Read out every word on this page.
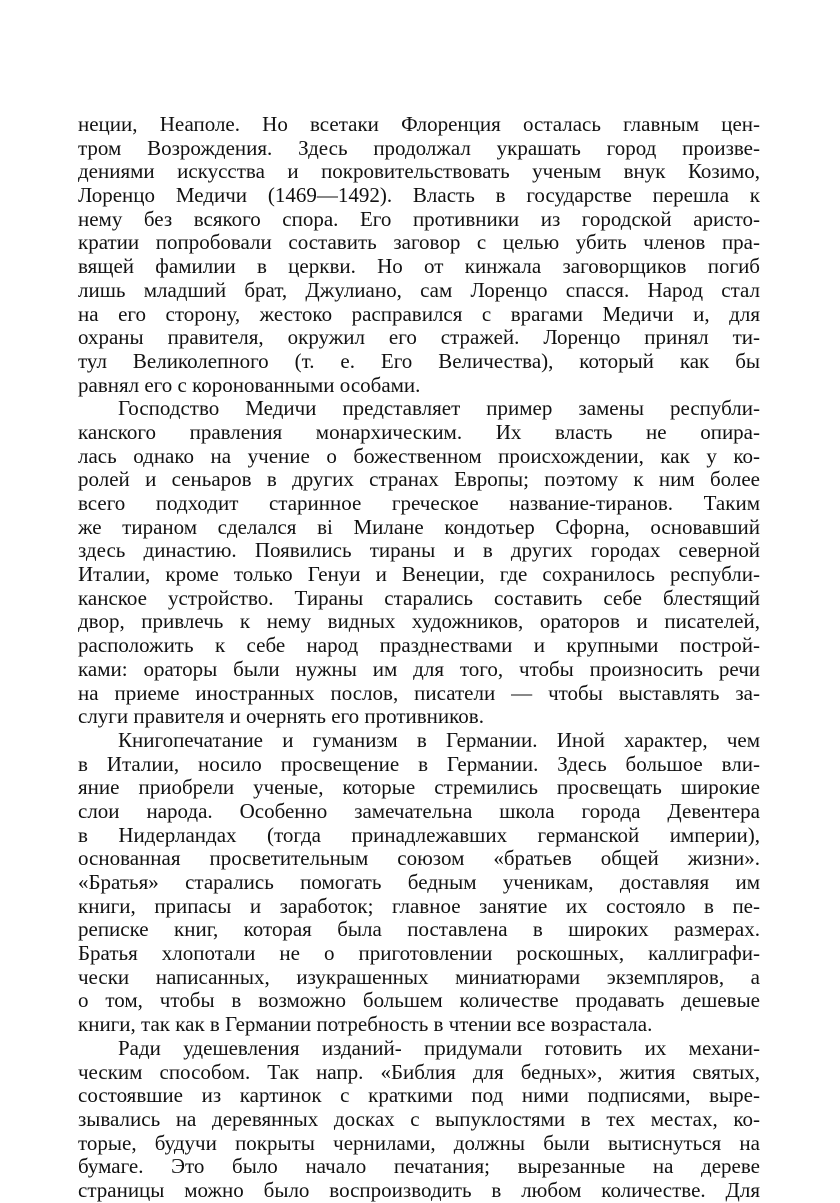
неции, Неаполе. Но всетаки Флоренция осталась главным цен-
тром Возрождения. Здесь продолжал украшать город произве-
дениями искусства и покровительствовать ученым внук Козимо,
Лоренцо Медичи (1469—1492). Власть в государстве перешла к
нему без всякого спора. Его противники из городской аристо-
кратии попробовали составить заговор с целью убить членов пра-
вящей фамилии в церкви. Но от кинжала заговорщиков погиб
лишь младший брат, Джулиано, сам Лоренцо спасся. Народ стал
на его сторону, жестоко расправился с врагами Медичи и, для
охраны правителя, окружил его стражей. Лоренцо принял ти-
тул Великолепного (т. е. Его Величества), который как бы
равнял его с коронованными особами.
Господство Медичи представляет пример замены республи-
канского правления монархическим. Их власть не опира-
лась однако на учение о божественном происхождении, как у ко-
ролей и сеньаров в других странах Европы; поэтому к ним более
всего подходит старинное греческое название-тиранов. Таким
же тираном сделался ві Милане кондотьер Сфорна, основавший
здесь династию. Появились тираны и в других городах северной
Италии, кроме только Генуи и Венеции, где сохранилось республи-
канское устройство. Тираны старались составить себе блестящий
двор, привлечь к нему видных художников, ораторов и писателей,
расположить к себе народ празднествами и крупными построй-
ками: ораторы были нужны им для того, чтобы произносить речи
на приеме иностранных послов, писатели — чтобы выставлять за-
слуги правителя и очернять его противников.
Книгопечатание и гуманизм в Германии. Иной характер, чем
в Италии, носило просвещение в Германии. Здесь большое вли-
яние приобрели ученые, которые стремились просвещать широкие
слои народа. Особенно замечательна школа города Девентера
в Нидерландах (тогда принадлежавших германской империи),
основанная просветительным союзом «братьев общей жизни».
«Братья» старались помогать бедным ученикам, доставляя им
книги, припасы и заработок; главное занятие их состояло в пе-
реписке книг, которая была поставлена в широких размерах.
Братья хлопотали не о приготовлении роскошных, каллиграфи-
чески написанных, изукрашенных миниатюрами экземпляров, а
о том, чтобы в возможно большем количестве продавать дешевые
книги, так как в Германии потребность в чтении все возрастала.
Ради удешевления изданий- придумали готовить их механи-
ческим способом. Так напр. «Библия для бедных», жития святых,
состоявшие из картинок с краткими под ними подписями, выре-
зывались на деревянных досках с выпуклостями в тех местах, ко-
торые, будучи покрыты чернилами, должны были вытиснуться на
бумаге. Это было начало печатания; вырезанные на дереве
страницы можно было воспроизводить в любом количестве. Для
